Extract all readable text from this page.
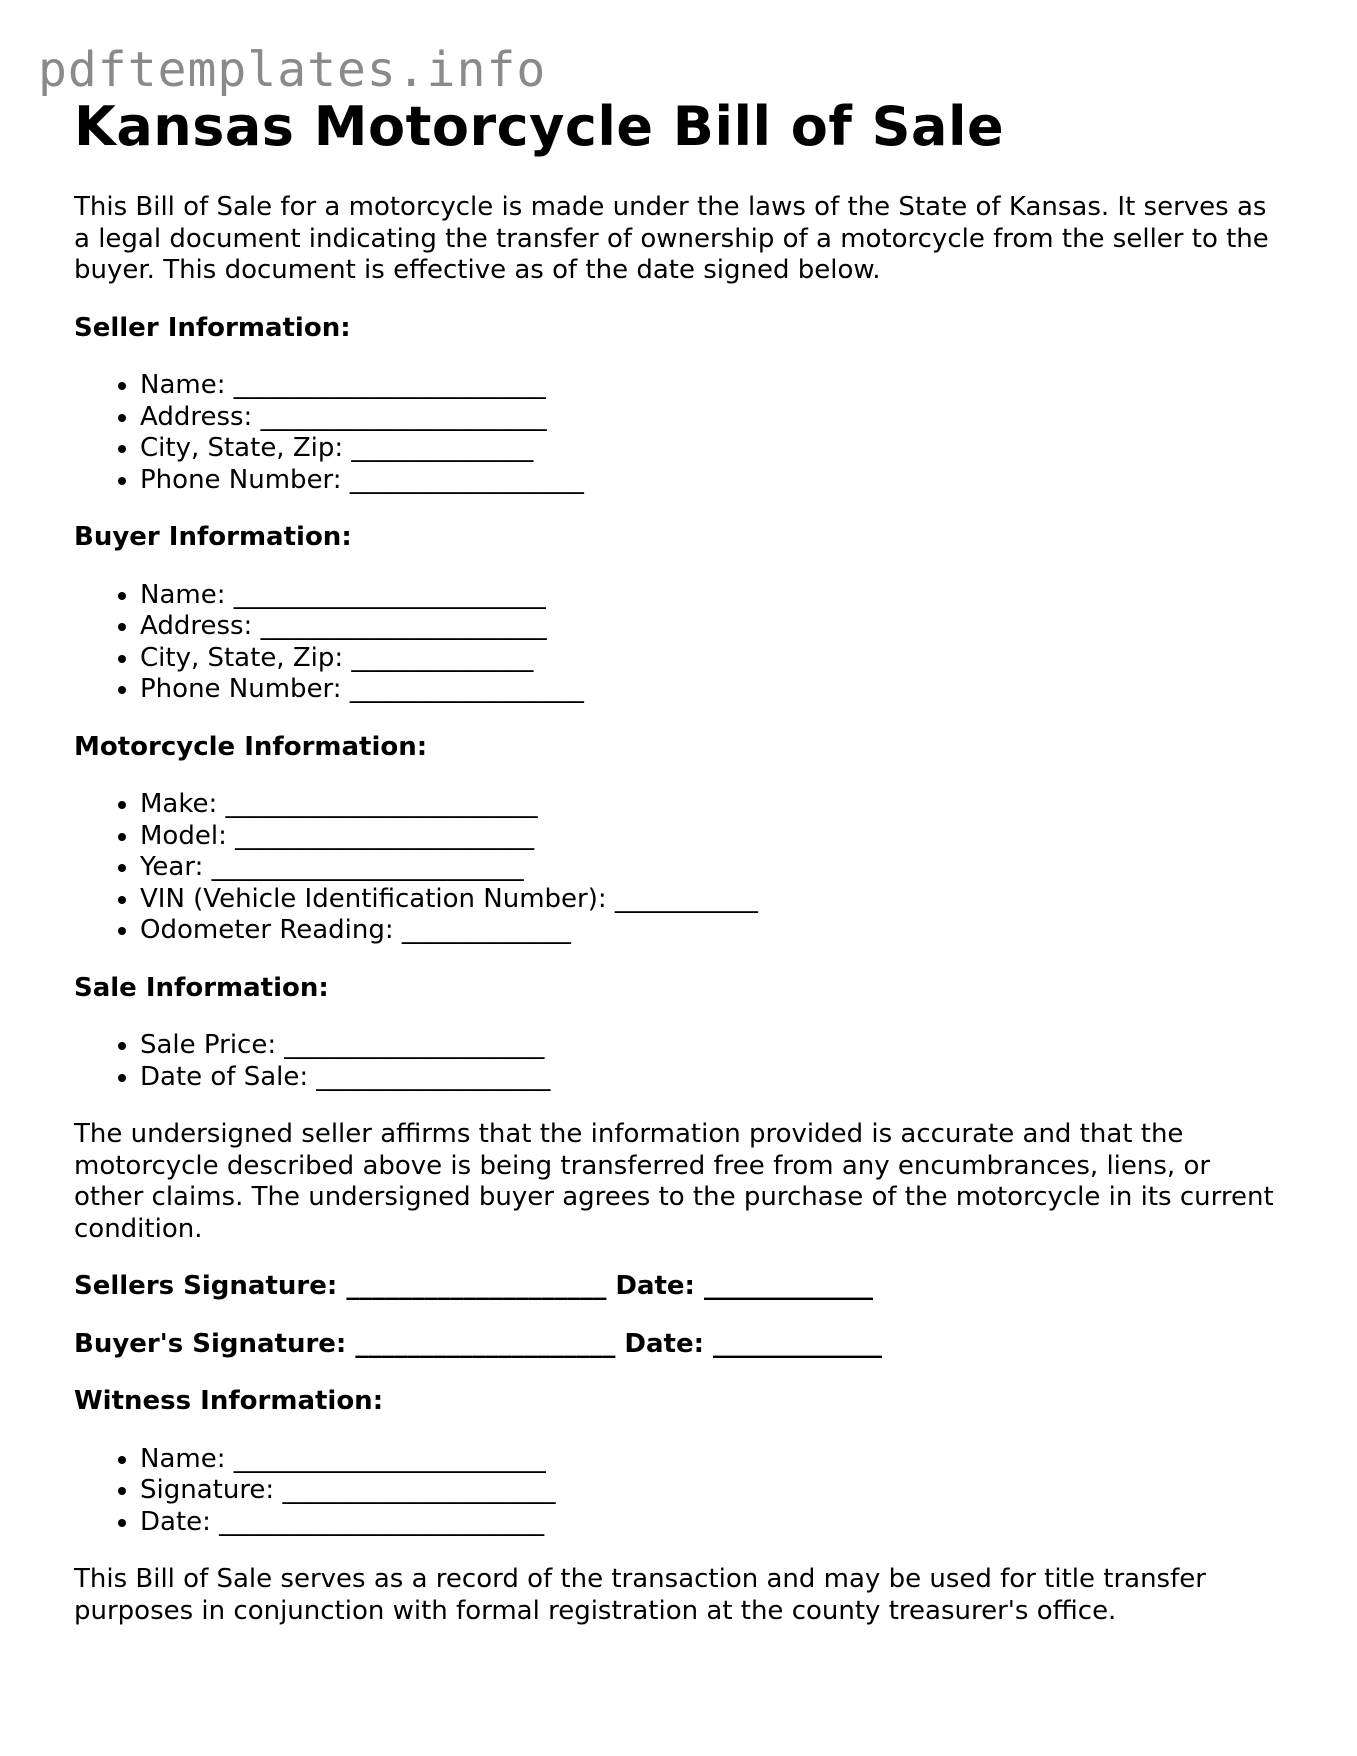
pdftemplates.info
Kansas Motorcycle Bill of Sale

This Bill of Sale for a motorcycle is made under the laws of the State of Kansas. It serves as a legal document indicating the transfer of ownership of a motorcycle from the seller to the buyer. This document is effective as of the date signed below.

Seller Information:
• Name: ________________________
• Address: ______________________
• City, State, Zip: ______________
• Phone Number: __________________
Buyer Information:
• Name: ________________________
• Address: ______________________
• City, State, Zip: ______________
• Phone Number: __________________
Motorcycle Information:
• Make: ________________________
• Model: _______________________
• Year: ________________________
• VIN (Vehicle Identification Number): ___________
• Odometer Reading: _____________
Sale Information:
• Sale Price: ____________________
• Date of Sale: __________________

The undersigned seller affirms that the information provided is accurate and that the motorcycle described above is being transferred free from any encumbrances, liens, or other claims. The undersigned buyer agrees to the purchase of the motorcycle in its current condition.

Sellers Signature: ____________________ Date: _____________
Buyer's Signature: ____________________ Date: _____________
Witness Information:
• Name: ________________________
• Signature: _____________________
• Date: _________________________

This Bill of Sale serves as a record of the transaction and may be used for title transfer purposes in conjunction with formal registration at the county treasurer's office.
